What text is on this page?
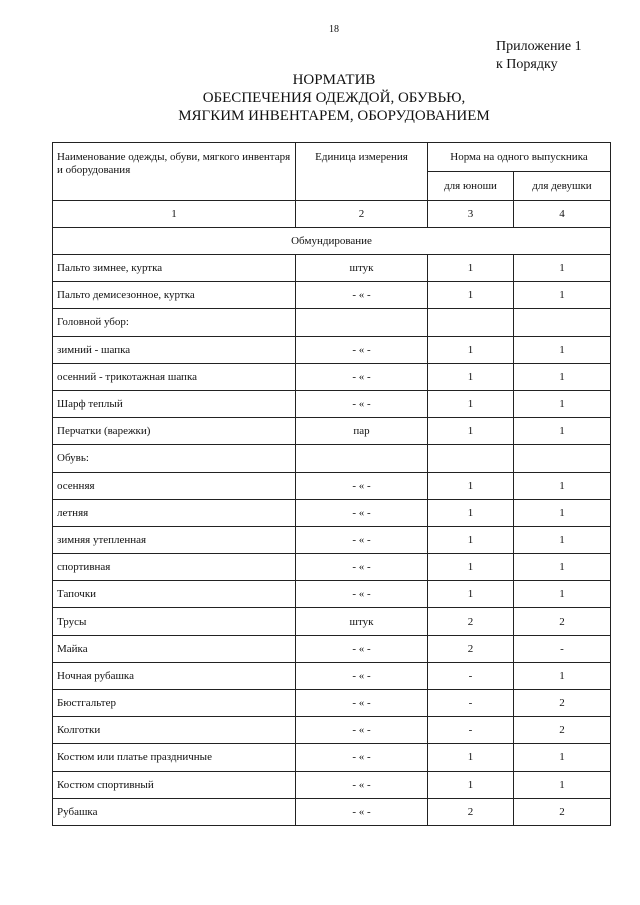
18
Приложение 1
к Порядку
НОРМАТИВ
ОБЕСПЕЧЕНИЯ ОДЕЖДОЙ, ОБУВЬЮ,
МЯГКИМ ИНВЕНТАРЕМ, ОБОРУДОВАНИЕМ
Наименование одежды, обуви, мягкого инвентаря и оборудования	Единица измерения	Норма на одного выпускника	
		для юноши	для девушки
1	2	3	4
Обмундирование			
Пальто зимнее, куртка	штук	1	1
Пальто демисезонное, куртка	- « -	1	1
Головной убор:			
зимний - шапка	- « -	1	1
осенний - трикотажная шапка	- « -	1	1
Шарф теплый	- « -	1	1
Перчатки (варежки)	пар	1	1
Обувь:			
осенняя	- « -	1	1
летняя	- « -	1	1
зимняя утепленная	- « -	1	1
спортивная	- « -	1	1
Тапочки	- « -	1	1
Трусы	штук	2	2
Майка	- « -	2	-
Ночная рубашка	- « -	-	1
Бюстгальтер	- « -	-	2
Колготки	- « -	-	2
Костюм или платье праздничные	- « -	1	1
Костюм спортивный	- « -	1	1
Рубашка	- « -	2	2
